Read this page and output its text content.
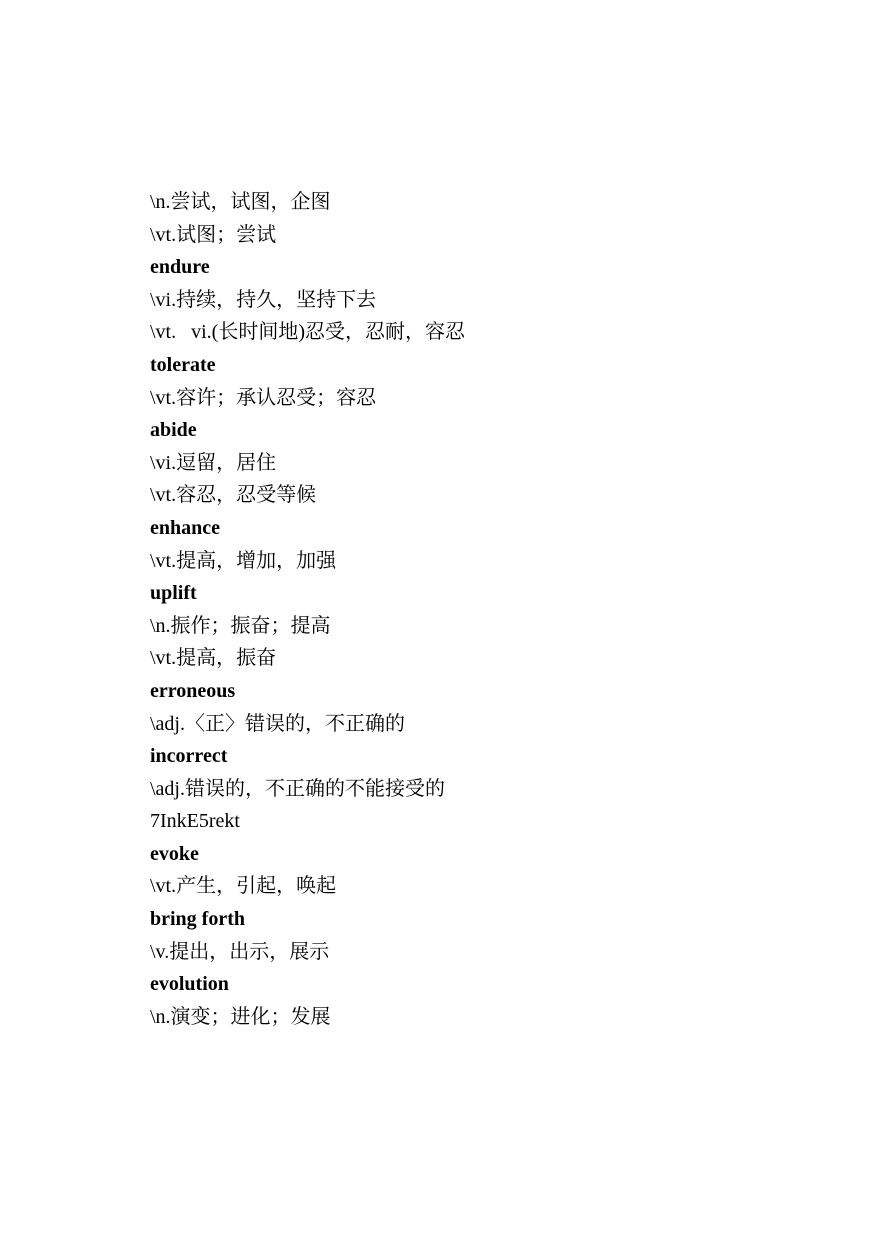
\n.尝试，试图，企图
\vt.试图；尝试
endure
\vi.持续，持久，坚持下去
\vt.   vi.(长时间地)忍受，忍耐，容忍
tolerate
\vt.容许；承认忍受；容忍
abide
\vi.逗留，居住
\vt.容忍，忍受等候
enhance
\vt.提高，增加，加强
uplift
\n.振作；振奋；提高
\vt.提高，振奋
erroneous
\adj.〈正〉错误的，不正确的
incorrect
\adj.错误的，不正确的不能接受的
7InkE5rekt
evoke
\vt.产生，引起，唤起
bring forth
\v.提出，出示，展示
evolution
\n.演变；进化；发展
